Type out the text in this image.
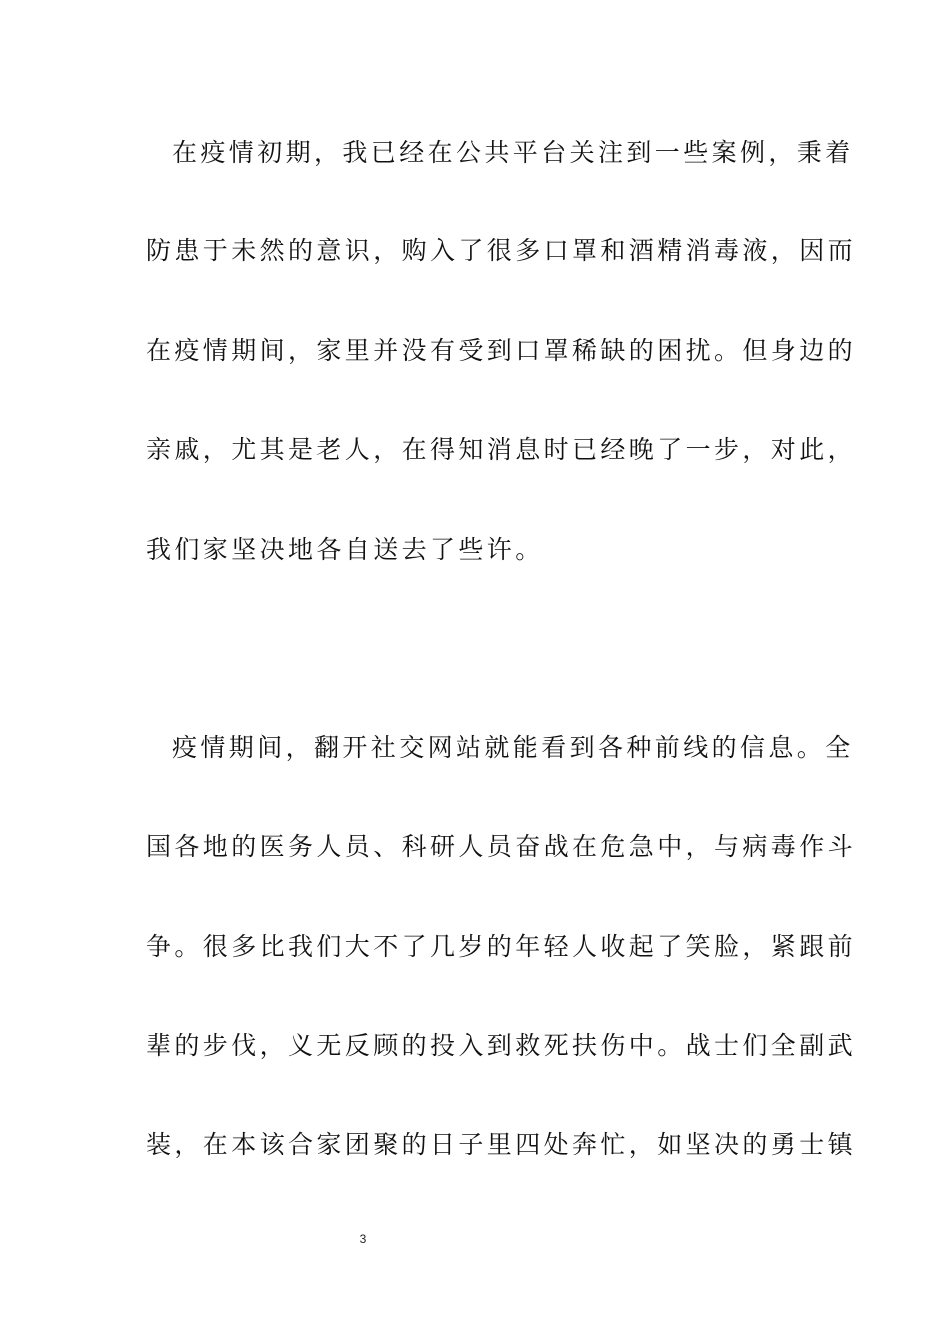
在疫情初期，我已经在公共平台关注到一些案例，秉着
防患于未然的意识，购入了很多口罩和酒精消毒液，因而
在疫情期间，家里并没有受到口罩稀缺的困扰。但身边的
亲戚，尤其是老人，在得知消息时已经晚了一步，对此，
我们家坚决地各自送去了些许。
疫情期间，翻开社交网站就能看到各种前线的信息。全
国各地的医务人员、科研人员奋战在危急中，与病毒作斗
争。很多比我们大不了几岁的年轻人收起了笑脸，紧跟前
辈的步伐，义无反顾的投入到救死扶伤中。战士们全副武
装，在本该合家团聚的日子里四处奔忙，如坚决的勇士镇
3
